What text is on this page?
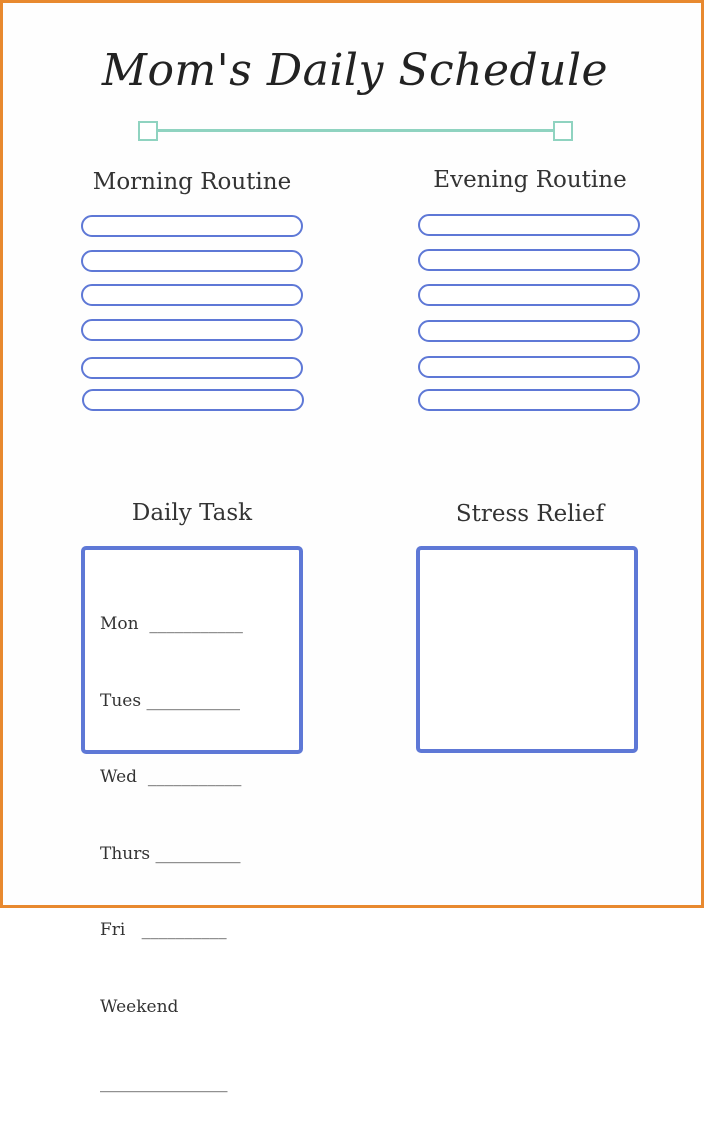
Mom's Daily Schedule
Morning Routine	Evening Routine
Daily Task	Stress Relief

Mon  ___________

Tues ___________

Wed  ___________

Thurs __________

Fri   __________

Weekend

_______________
